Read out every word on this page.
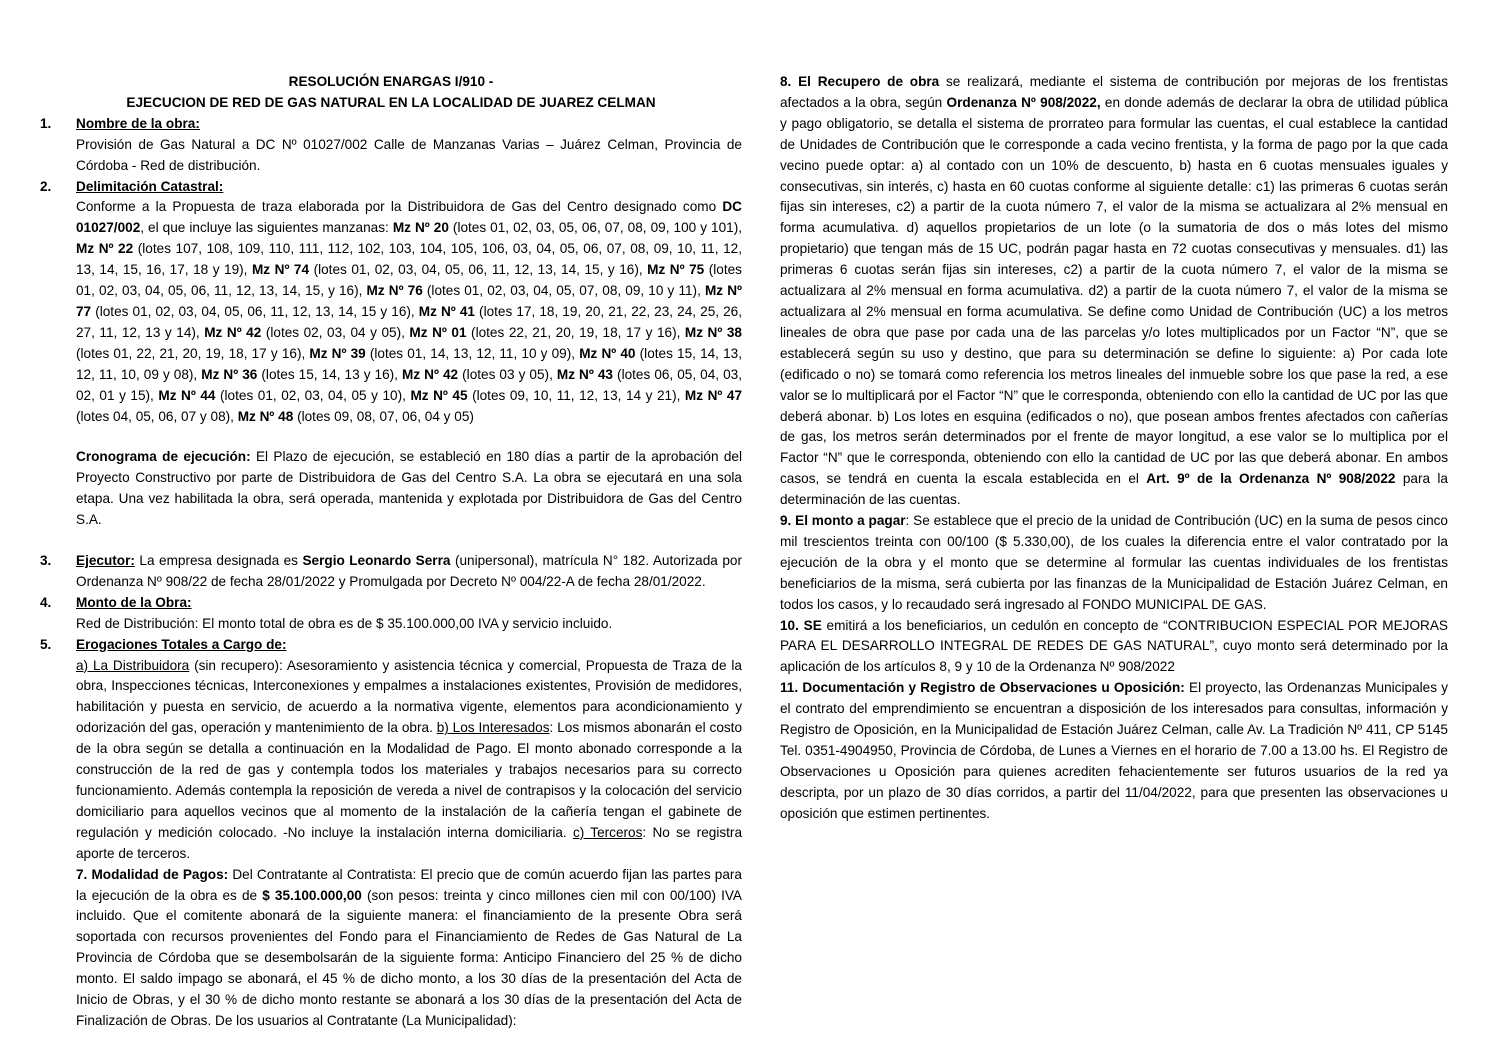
RESOLUCIÓN ENARGAS I/910 -
EJECUCION DE RED DE GAS NATURAL EN LA LOCALIDAD DE JUAREZ CELMAN
1. Nombre de la obra:

Provisión de Gas Natural a DC Nº 01027/002 Calle de Manzanas Varias – Juárez Celman, Provincia de Córdoba - Red de distribución.

2. Delimitación Catastral:

Conforme a la Propuesta de traza elaborada por la Distribuidora de Gas del Centro designado como DC 01027/002, el que incluye las siguientes manzanas: Mz Nº 20 (lotes 01, 02, 03, 05, 06, 07, 08, 09, 100 y 101), Mz Nº 22 (lotes 107, 108, 109, 110, 111, 112, 102, 103, 104, 105, 106, 03, 04, 05, 06, 07, 08, 09, 10, 11, 12, 13, 14, 15, 16, 17, 18 y 19), Mz Nº 74 (lotes 01, 02, 03, 04, 05, 06, 11, 12, 13, 14, 15, y 16), Mz Nº 75 (lotes 01, 02, 03, 04, 05, 06, 11, 12, 13, 14, 15, y 16), Mz Nº 76 (lotes 01, 02, 03, 04, 05, 07, 08, 09, 10 y 11), Mz Nº 77 (lotes 01, 02, 03, 04, 05, 06, 11, 12, 13, 14, 15 y 16), Mz Nº 41 (lotes 17, 18, 19, 20, 21, 22, 23, 24, 25, 26, 27, 11, 12, 13 y 14), Mz Nº 42 (lotes 02, 03, 04 y 05), Mz Nº 01 (lotes 22, 21, 20, 19, 18, 17 y 16), Mz Nº 38 (lotes 01, 22, 21, 20, 19, 18, 17 y 16), Mz Nº 39 (lotes 01, 14, 13, 12, 11, 10 y 09), Mz Nº 40 (lotes 15, 14, 13, 12, 11, 10, 09 y 08), Mz Nº 36 (lotes 15, 14, 13 y 16), Mz Nº 42 (lotes 03 y 05), Mz Nº 43 (lotes 06, 05, 04, 03, 02, 01 y 15), Mz Nº 44 (lotes 01, 02, 03, 04, 05 y 10), Mz Nº 45 (lotes 09, 10, 11, 12, 13, 14 y 21), Mz Nº 47 (lotes 04, 05, 06, 07 y 08), Mz Nº 48 (lotes 09, 08, 07, 06, 04 y 05)

Cronograma de ejecución: El Plazo de ejecución, se estableció en 180 días a partir de la aprobación del Proyecto Constructivo por parte de Distribuidora de Gas del Centro S.A. La obra se ejecutará en una sola etapa. Una vez habilitada la obra, será operada, mantenida y explotada por Distribuidora de Gas del Centro S.A.

3. Ejecutor: La empresa designada es Sergio Leonardo Serra (unipersonal), matrícula N° 182. Autorizada por Ordenanza Nº 908/22 de fecha 28/01/2022 y Promulgada por Decreto Nº 004/22-A de fecha 28/01/2022.

4. Monto de la Obra:

Red de Distribución: El monto total de obra es de $ 35.100.000,00 IVA y servicio incluido.

5. Erogaciones Totales a Cargo de:

a) La Distribuidora (sin recupero): Asesoramiento y asistencia técnica y comercial, Propuesta de Traza de la obra, Inspecciones técnicas, Interconexiones y empalmes a instalaciones existentes, Provisión de medidores, habilitación y puesta en servicio, de acuerdo a la normativa vigente, elementos para acondicionamiento y odorización del gas, operación y mantenimiento de la obra. b) Los Interesados: Los mismos abonarán el costo de la obra según se detalla a continuación en la Modalidad de Pago. El monto abonado corresponde a la construcción de la red de gas y contempla todos los materiales y trabajos necesarios para su correcto funcionamiento. Además contempla la reposición de vereda a nivel de contrapisos y la colocación del servicio domiciliario para aquellos vecinos que al momento de la instalación de la cañería tengan el gabinete de regulación y medición colocado. -No incluye la instalación interna domiciliaria. c) Terceros: No se registra aporte de terceros.

7. Modalidad de Pagos: Del Contratante al Contratista: El precio que de común acuerdo fijan las partes para la ejecución de la obra es de $ 35.100.000,00 (son pesos: treinta y cinco millones cien mil con 00/100) IVA incluido. Que el comitente abonará de la siguiente manera: el financiamiento de la presente Obra será soportada con recursos provenientes del Fondo para el Financiamiento de Redes de Gas Natural de La Provincia de Córdoba que se desembolsarán de la siguiente forma: Anticipo Financiero del 25 % de dicho monto. El saldo impago se abonará, el 45 % de dicho monto, a los 30 días de la presentación del Acta de Inicio de Obras, y el 30 % de dicho monto restante se abonará a los 30 días de la presentación del Acta de Finalización de Obras. De los usuarios al Contratante (La Municipalidad):

8. El Recupero de obra se realizará, mediante el sistema de contribución por mejoras de los frentistas afectados a la obra, según Ordenanza Nº 908/2022, en donde además de declarar la obra de utilidad pública y pago obligatorio, se detalla el sistema de prorrateo para formular las cuentas, el cual establece la cantidad de Unidades de Contribución que le corresponde a cada vecino frentista, y la forma de pago por la que cada vecino puede optar: a) al contado con un 10% de descuento, b) hasta en 6 cuotas mensuales iguales y consecutivas, sin interés, c) hasta en 60 cuotas conforme al siguiente detalle: c1) las primeras 6 cuotas serán fijas sin intereses, c2) a partir de la cuota número 7, el valor de la misma se actualizara al 2% mensual en forma acumulativa. d) aquellos propietarios de un lote (o la sumatoria de dos o más lotes del mismo propietario) que tengan más de 15 UC, podrán pagar hasta en 72 cuotas consecutivas y mensuales. d1) las primeras 6 cuotas serán fijas sin intereses, c2) a partir de la cuota número 7, el valor de la misma se actualizara al 2% mensual en forma acumulativa. d2) a partir de la cuota número 7, el valor de la misma se actualizara al 2% mensual en forma acumulativa. Se define como Unidad de Contribución (UC) a los metros lineales de obra que pase por cada una de las parcelas y/o lotes multiplicados por un Factor “N”, que se establecerá según su uso y destino, que para su determinación se define lo siguiente: a) Por cada lote (edificado o no) se tomará como referencia los metros lineales del inmueble sobre los que pase la red, a ese valor se lo multiplicará por el Factor “N” que le corresponda, obteniendo con ello la cantidad de UC por las que deberá abonar. b) Los lotes en esquina (edificados o no), que posean ambos frentes afectados con cañerías de gas, los metros serán determinados por el frente de mayor longitud, a ese valor se lo multiplica por el Factor “N” que le corresponda, obteniendo con ello la cantidad de UC por las que deberá abonar. En ambos casos, se tendrá en cuenta la escala establecida en el Art. 9º de la Ordenanza Nº 908/2022 para la determinación de las cuentas.

9. El monto a pagar: Se establece que el precio de la unidad de Contribución (UC) en la suma de pesos cinco mil trescientos treinta con 00/100 ($ 5.330,00), de los cuales la diferencia entre el valor contratado por la ejecución de la obra y el monto que se determine al formular las cuentas individuales de los frentistas beneficiarios de la misma, será cubierta por las finanzas de la Municipalidad de Estación Juárez Celman, en todos los casos, y lo recaudado será ingresado al FONDO MUNICIPAL DE GAS.

10. SE emitirá a los beneficiarios, un cedulón en concepto de “CONTRIBUCION ESPECIAL POR MEJORAS PARA EL DESARROLLO INTEGRAL DE REDES DE GAS NATURAL”, cuyo monto será determinado por la aplicación de los artículos 8, 9 y 10 de la Ordenanza Nº 908/2022

11. Documentación y Registro de Observaciones u Oposición: El proyecto, las Ordenanzas Municipales y el contrato del emprendimiento se encuentran a disposición de los interesados para consultas, información y Registro de Oposición, en la Municipalidad de Estación Juárez Celman, calle Av. La Tradición Nº 411, CP 5145 Tel. 0351-4904950, Provincia de Córdoba, de Lunes a Viernes en el horario de 7.00 a 13.00 hs. El Registro de Observaciones u Oposición para quienes acrediten fehacientemente ser futuros usuarios de la red ya descripta, por un plazo de 30 días corridos, a partir del 11/04/2022, para que presenten las observaciones u oposición que estimen pertinentes.
